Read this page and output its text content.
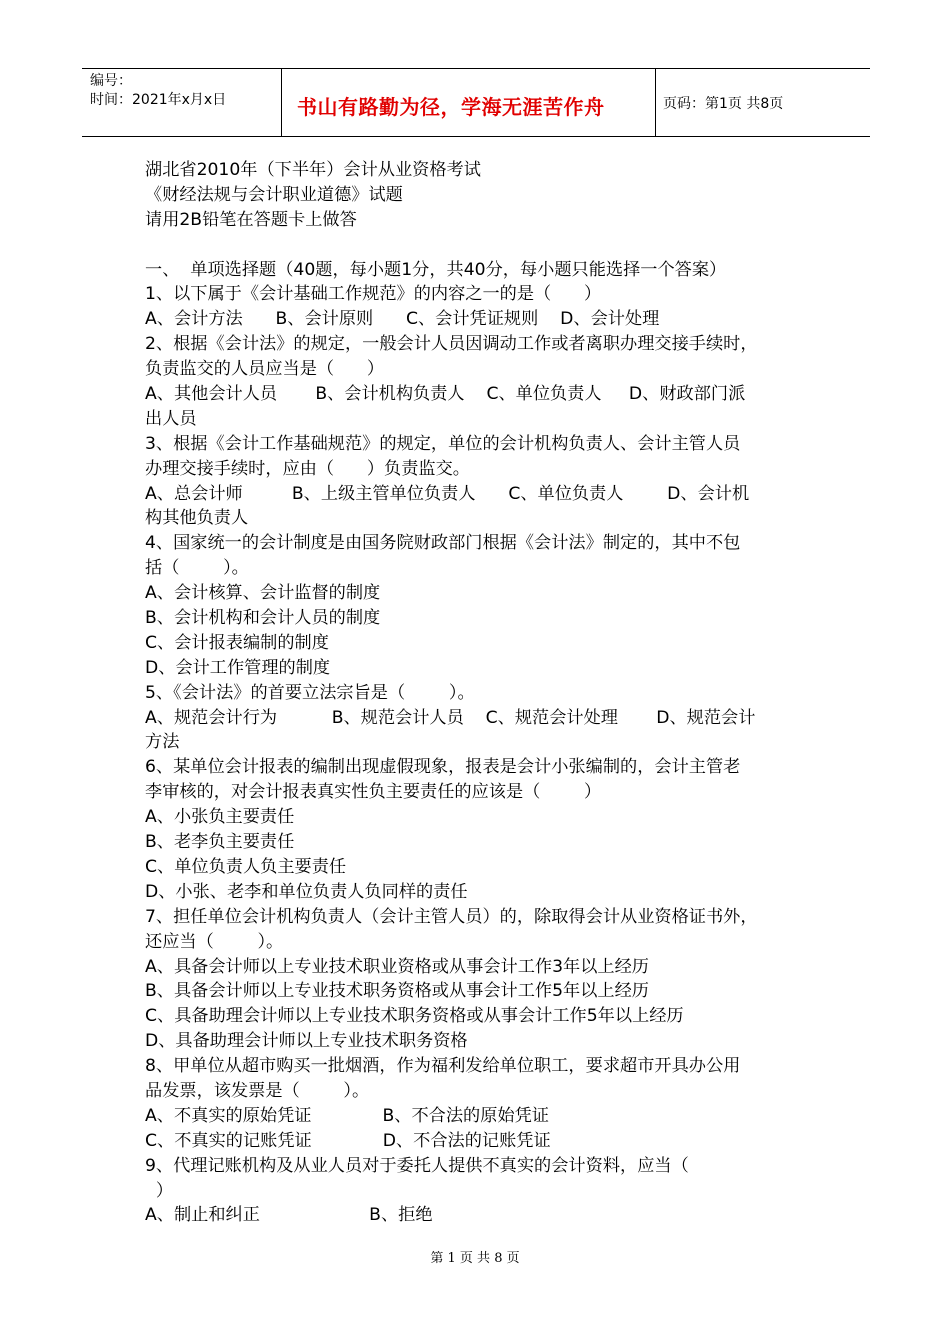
编号：
时间：2021年x月x日	书山有路勤为径，学海无涯苦作舟	页码：第1页 共8页
湖北省2010年（下半年）会计从业资格考试
《财经法规与会计职业道德》试题
请用2B铅笔在答题卡上做答
一、  单项选择题（40题，每小题1分，共40分，每小题只能选择一个答案）
1、以下属于《会计基础工作规范》的内容之一的是（      ）
A、会计方法      B、会计原则      C、会计凭证规则    D、会计处理
2、根据《会计法》的规定，一般会计人员因调动工作或者离职办理交接手续时，
负责监交的人员应当是（      ）
A、其他会计人员       B、会计机构负责人    C、单位负责人     D、财政部门派
出人员
3、根据《会计工作基础规范》的规定，单位的会计机构负责人、会计主管人员
办理交接手续时，应由（      ）负责监交。
A、总会计师         B、上级主管单位负责人      C、单位负责人        D、会计机
构其他负责人
4、国家统一的会计制度是由国务院财政部门根据《会计法》制定的，其中不包
括（        ）。
A、会计核算、会计监督的制度
B、会计机构和会计人员的制度
C、会计报表编制的制度
D、会计工作管理的制度
5、《会计法》的首要立法宗旨是（        ）。
A、规范会计行为          B、规范会计人员    C、规范会计处理       D、规范会计
方法
6、某单位会计报表的编制出现虚假现象，报表是会计小张编制的，会计主管老
李审核的，对会计报表真实性负主要责任的应该是（        ）
A、小张负主要责任
B、老李负主要责任
C、单位负责人负主要责任
D、小张、老李和单位负责人负同样的责任
7、担任单位会计机构负责人（会计主管人员）的，除取得会计从业资格证书外，
还应当（        ）。
A、具备会计师以上专业技术职业资格或从事会计工作3年以上经历
B、具备会计师以上专业技术职务资格或从事会计工作5年以上经历
C、具备助理会计师以上专业技术职务资格或从事会计工作5年以上经历
D、具备助理会计师以上专业技术职务资格
8、甲单位从超市购买一批烟酒，作为福利发给单位职工，要求超市开具办公用
品发票，该发票是（        ）。
A、不真实的原始凭证             B、不合法的原始凭证
C、不真实的记账凭证             D、不合法的记账凭证
9、代理记账机构及从业人员对于委托人提供不真实的会计资料，应当（
）
A、制止和纠正                    B、拒绝
第 1 页 共 8 页
